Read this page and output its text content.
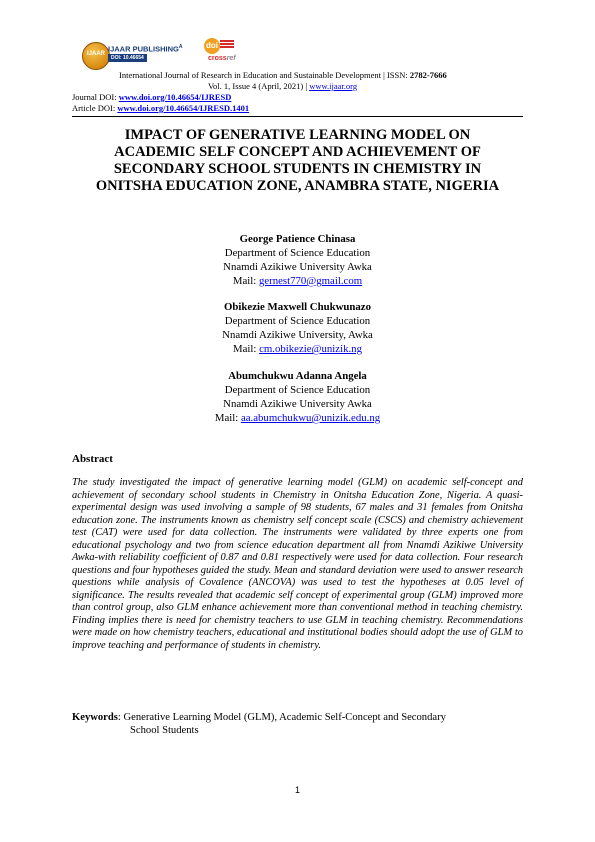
IJAAR
IJAAR $PUBLISHING^A$
DOI: 10.46654
doi
crossref
International Journal of Research in Education and Sustainable Development | ISSN: 2782-7666
Vol. 1, Issue 4 (April, 2021) | www.ijaar.org
Journal DOI: www.doi.org/10.46654/IJRESD
Article DOI: www.doi.org/10.46654/IJRESD.1401
IMPACT OF GENERATIVE LEARNING MODEL ON
ACADEMIC SELF CONCEPT AND ACHIEVEMENT OF
SECONDARY SCHOOL STUDENTS IN CHEMISTRY IN
ONITSHA EDUCATION ZONE, ANAMBRA STATE, NIGERIA
George Patience Chinasa
Department of Science Education
Nnamdi Azikiwe University Awka
Mail: gernest770@gmail.com
Obikezie Maxwell Chukwunazo
Department of Science Education
Nnamdi Azikiwe University, Awka
Mail: cm.obikezie@unizik.ng
Abumchukwu Adanna Angela
Department of Science Education
Nnamdi Azikiwe University Awka
Mail: aa.abumchukwu@unizik.edu.ng
Abstract
The study investigated the impact of generative learning model (GLM) on academic self-concept and achievement of secondary school students in Chemistry in Onitsha Education Zone, Nigeria. A quasi-experimental design was used involving a sample of 98 students, 67 males and 31 females from Onitsha education zone. The instruments known as chemistry self concept scale (CSCS) and chemistry achievement test (CAT) were used for data collection. The instruments were validated by three experts one from educational psychology and two from science education department all from Nnamdi Azikiwe University Awka-with reliability coefficient of 0.87 and 0.81 respectively were used for data collection. Four research questions and four hypotheses guided the study. Mean and standard deviation were used to answer research questions while analysis of Covalence (ANCOVA) was used to test the hypotheses at 0.05 level of significance. The results revealed that academic self concept of experimental group (GLM) improved more than control group, also GLM enhance achievement more than conventional method in teaching chemistry. Finding implies there is need for chemistry teachers to use GLM in teaching chemistry. Recommendations were made on how chemistry teachers, educational and institutional bodies should adopt the use of GLM to improve teaching and performance of students in chemistry.
Keywords: Generative Learning Model (GLM), Academic Self-Concept and Secondary
School Students
1
